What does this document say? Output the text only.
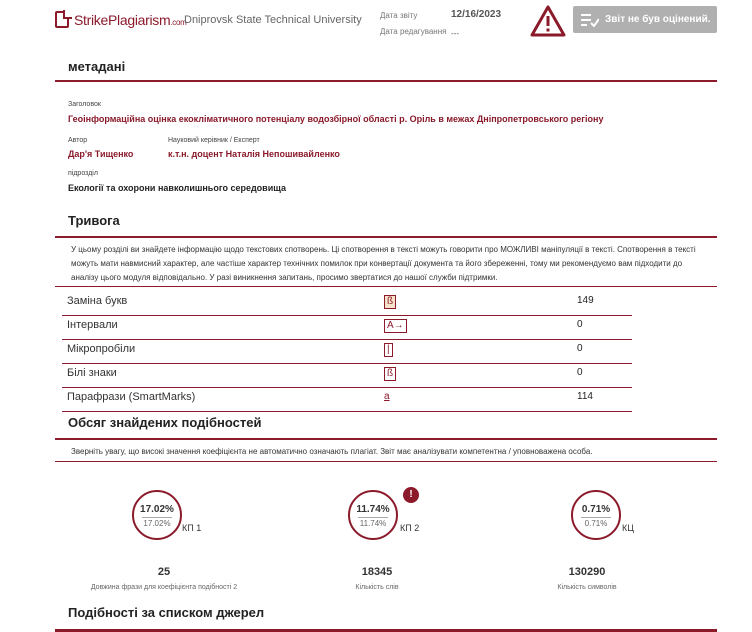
StrikePlagiarism.com
Dniprovsk State Technical University Дата звіту
Дата редагування
12/16/2023
---
Звіт не був оцінений.
метадані
Заголовок
Геоінформаційна оцінка екокліматичного потенціалу водозбірної області р. Оріль в межах Дніпропетровського регіону
Автор
Дар'я Тищенко
Науковий керівник / Експерт
к.т.н. доцент Наталія Непошивайленко
підрозділ
Екології та охорони навколишнього середовища
Тривога
У цьому розділі ви знайдете інформацію щодо текстових спотворень. Ці спотворення в тексті можуть говорити про МОЖЛИВІ маніпуляції в тексті. Спотворення в тексті можуть мати навмисний характер, але частіше характер технічних помилок при конвертації документа та його збереженні, тому ми рекомендуємо вам підходити до аналізу цього модуля відповідально. У разі виникнення запитань, просимо звертатися до нашої служби підтримки.
Заміна букв	ß	149
Інтервали	A→	0
Мікропробіли	|	0
Білі знаки	ß	0
Парафрази (SmartMarks)	a	114
Обсяг знайдених подібностей
Зверніть увагу, що високі значення коефіцієнта не автоматично означають плагіат. Звіт має аналізувати компетентна / уповноважена особа.
17.02%
17.02%	КП 1
11.74%
11.74%	КП 2
!
0.71%
0.71%	КЦ
25
Довжина фрази для коефіцієнта подібності 2
18345
Кількість слів
130290
Кількість символів
Подібності за списком джерел
